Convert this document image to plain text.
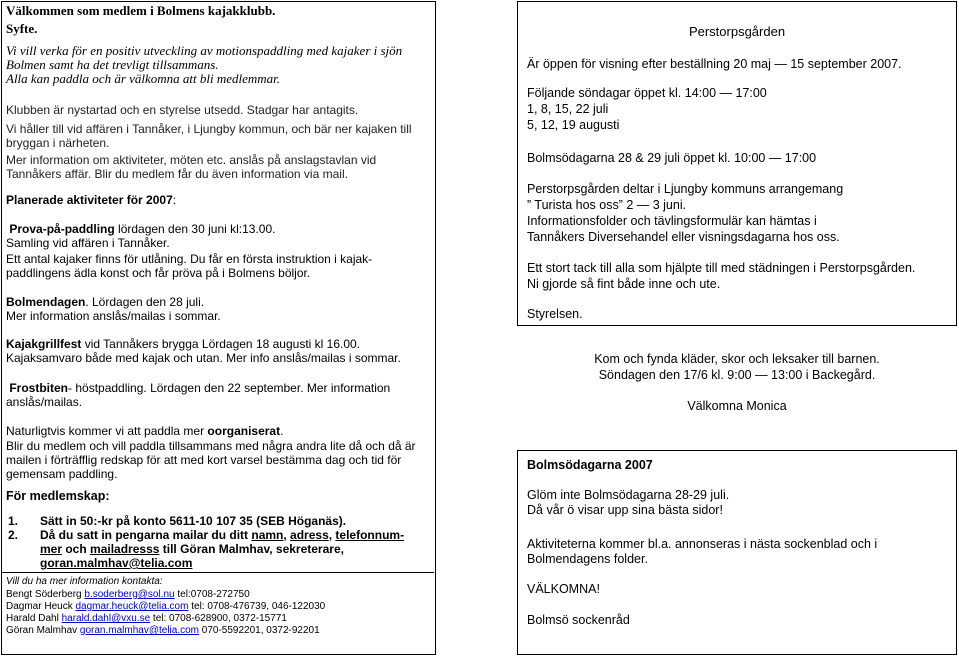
Välkommen som medlem i Bolmens kajakklubb.
Syfte.
Vi vill verka för en positiv utveckling av motionspaddling med kajaker i sjön
Bolmen samt ha det trevligt tillsammans.
Alla kan paddla och är välkomna att bli medlemmar.
Klubben är nystartad och en styrelse utsedd. Stadgar har antagits.
Vi håller till vid affären i Tannåker, i Ljungby kommun, och bär ner kajaken till
bryggan i närheten.
Mer information om aktiviteter, möten etc. anslås på anslagstavlan vid
Tannåkers affär. Blir du medlem får du även information via mail.
Planerade aktiviteter för 2007:
Prova-på-paddling lördagen den 30 juni kl:13.00.
Samling vid affären i Tannåker.
Ett antal kajaker finns för utlåning. Du får en första instruktion i kajak-
paddlingens ädla konst och får pröva på i Bolmens böljor.
Bolmendagen. Lördagen den 28 juli.
Mer information anslås/mailas i sommar.
Kajakgrillfest vid Tannåkers brygga Lördagen 18 augusti kl 16.00.
Kajaksamvaro både med kajak och utan. Mer info anslås/mailas i sommar.
Frostbiten- höstpaddling. Lördagen den 22 september. Mer information
anslås/mailas.
Naturligtvis kommer vi att paddla mer oorganiserat.
Blir du medlem och vill paddla tillsammans med några andra lite då och då är
mailen i förträfflig redskap för att med kort varsel bestämma dag och tid för
gemensam paddling.
För medlemskap:
1. Sätt in 50:-kr på konto 5611-10 107 35 (SEB Höganäs).
2. Då du satt in pengarna mailar du ditt namn, adress, telefonnum-
mer och mailadresss till Göran Malmhav, sekreterare,
goran.malmhav@telia.com
Vill du ha mer information kontakta:
Bengt Söderberg b.soderberg@sol.nu tel:0708-272750
Dagmar Heuck dagmar.heuck@telia.com tel: 0708-476739, 046-122030
Harald Dahl harald.dahl@vxu.se tel: 0708-628900, 0372-15771
Göran Malmhav goran.malmhav@telia.com 070-5592201, 0372-92201
Perstorpsgården
Är öppen för visning efter beställning 20 maj — 15 september 2007.
Följande söndagar öppet kl. 14:00 — 17:00
1, 8, 15, 22 juli
5, 12, 19 augusti
Bolmsödagarna 28 & 29 juli öppet kl. 10:00 — 17:00
Perstorpsgården deltar i Ljungby kommuns arrangemang
” Turista hos oss” 2 — 3 juni.
Informationsfolder och tävlingsformulär kan hämtas i
Tannåkers Diversehandel eller visningsdagarna hos oss.
Ett stort tack till alla som hjälpte till med städningen i Perstorpsgården.
Ni gjorde så fint både inne och ute.
Styrelsen.
Kom och fynda kläder, skor och leksaker till barnen.
Söndagen den 17/6 kl. 9:00 — 13:00 i Backegård.
Välkomna Monica
Bolmsödagarna 2007
Glöm inte Bolmsödagarna 28-29 juli.
Då vår ö visar upp sina bästa sidor!
Aktiviteterna kommer bl.a. annonseras i nästa sockenblad och i
Bolmendagens folder.
VÄLKOMNA!
Bolmsö sockenråd
